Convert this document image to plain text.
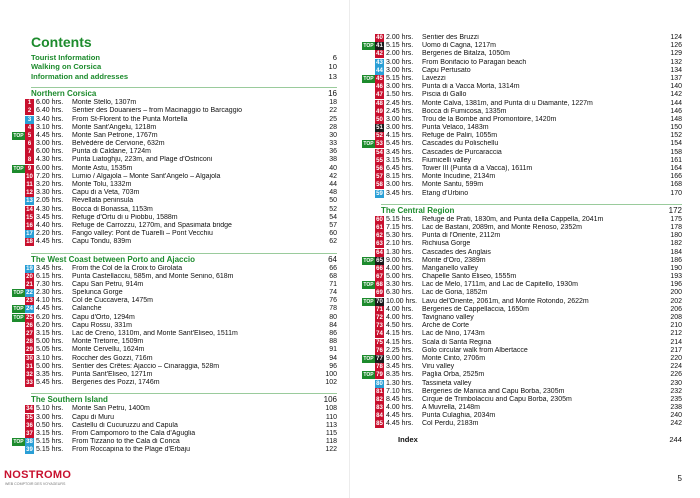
Contents
Tourist Information	6
Walking on Corsica	10
Information and addresses	13
Northern Corsica	16
1 6.00 hrs.	Monte Stello, 1307m	18
2 6.40 hrs.	Sentier des Douaniers – from Macinaggio to Barcaggio	22
3 3.40 hrs.	From St-Florent to the Punta Mortella	25
4 3.10 hrs.	Monte Sant'Angelu, 1218m	28
TOP 5 4.45 hrs.	Monte San Petrone, 1767m	30
6 3.00 hrs.	Belvédère de Cervione, 632m	33
7 6.00 hrs.	Punta di Caldane, 1724m	36
8 4.30 hrs.	Punta Liatoghju, 223m, and Plage d'Ostriconi	38
TOP 9 6.00 hrs.	Monte Astu, 1535m	40
10 7.20 hrs.	Lumio / Algajola – Monte Sant'Angelo – Algajola	42
11 3.20 hrs.	Monte Tolu, 1332m	44
12 3.30 hrs.	Capu di a Veta, 703m	48
13 2.05 hrs.	Revellata peninsula	50
14 4.30 hrs.	Bocca di Bonassa, 1153m	52
15 3.45 hrs.	Refuge d'Ortu di u Piobbu, 1588m	54
16 4.40 hrs.	Refuge de Carrozzu, 1270m, and Spasimata bridge	57
17 2.20 hrs.	Fango valley: Pont de Tuarelli – Pont Vecchiu	60
18 4.45 hrs.	Capu Tondu, 839m	62
The West Coast between Porto and Ajaccio	64
19 3.45 hrs.	From the Col de la Croix to Girolata	66
20 6.15 hrs.	Punta Castellacciu, 585m, and Monte Senino, 618m	68
21 7.30 hrs.	Capu San Petru, 914m	71
TOP 22 2.30 hrs.	Spelunca Gorge	74
23 4.10 hrs.	Col de Cuccavera, 1475m	76
TOP 24 4.45 hrs.	Calanche	78
TOP 25 6.20 hrs.	Capu d'Orto, 1294m	80
26 6.20 hrs.	Capu Rossu, 331m	84
27 3.15 hrs.	Lac de Creno, 1310m, and Monte Sant'Eliseo, 1511m	86
28 5.00 hrs.	Monte Tretorre, 1509m	88
29 5.05 hrs.	Monte Cervellu, 1624m	91
30 3.10 hrs.	Roccher des Gozzi, 716m	94
31 5.00 hrs.	Sentier des Crêtes: Ajaccio – Cinaraggia, 528m	96
32 3.35 hrs.	Punta Sant'Eliseo, 1271m	100
33 5.45 hrs.	Bergeries des Pozzi, 1746m	102
The Southern Island	106
34 5.10 hrs.	Monte San Petru, 1400m	108
35 3.00 hrs.	Capu di Muru	110
36 0.50 hrs.	Castellu di Cucuruzzu and Capula	113
37 3.15 hrs.	From Campomoro to the Cala d'Aguglia	115
TOP 38 5.15 hrs.	From Tizzano to the Cala di Conca	118
39 5.15 hrs.	From Roccapina to the Plage d'Erbaju	122
NOSTROMO
WEB COMPTOIR DES VOYAGEURS
40 2.00 hrs.	Sentier des Bruzzi	124
TOP 41 5.15 hrs.	Uomo di Cagna, 1217m	126
42 2.00 hrs.	Bergeries de Bitalza, 1050m	129
43 3.00 hrs.	From Bonifacio to Paragan beach	132
44 3.00 hrs.	Capu Pertusato	134
TOP 45 5.15 hrs.	Lavezzi	137
46 3.00 hrs.	Punta di a Vacca Morta, 1314m	140
47 1.50 hrs.	Piscia di Gallo	142
48 2.45 hrs.	Monte Calva, 1381m, and Punta di u Diamante, 1227m	144
49 2.45 hrs.	Bocca di Fumicosa, 1335m	146
50 3.00 hrs.	Trou de la Bombe and Promontoire, 1420m	148
51 3.00 hrs.	Punta Velaco, 1483m	150
52 4.15 hrs.	Refuge de Paliri, 1055m	152
TOP 53 5.45 hrs.	Cascades du Polischellu	154
54 3.45 hrs.	Cascades de Purcaraccia	158
55 3.15 hrs.	Fiumicelli valley	161
56 6.45 hrs.	Tower III (Punta di a Vacca), 1611m	164
57 8.15 hrs.	Monte Incudine, 2134m	166
58 3.00 hrs.	Monte Santu, 599m	168
59 3.45 hrs.	Étang d'Urbino	170
The Central Region	172
60 5.15 hrs.	Refuge de Prati, 1830m, and Punta della Cappella, 2041m	175
61 7.15 hrs.	Lac de Bastani, 2089m, and Monte Renoso, 2352m	178
62 5.30 hrs.	Punta di l'Oriente, 2112m	180
63 2.10 hrs.	Richiusa Gorge	182
64 1.30 hrs.	Cascades des Anglais	184
TOP 65 9.00 hrs.	Monte d'Oro, 2389m	186
66 4.00 hrs.	Manganello valley	190
67 5.00 hrs.	Chapelle Santo Eliseo, 1555m	193
TOP 68 3.30 hrs.	Lac de Melo, 1711m, and Lac de Capitello, 1930m	196
69 6.30 hrs.	Lac de Goria, 1852m	200
TOP 70 10.00 hrs. Lavu del'Oriente, 2061m, and Monte Rotondo, 2622m	202
71 4.00 hrs.	Bergeries de Cappellaccia, 1650m	206
72 4.00 hrs.	Tavignano valley	208
73 4.50 hrs.	Arche de Corte	210
74 4.15 hrs.	Lac de Nino, 1743m	212
75 4.15 hrs.	Scala di Santa Regina	214
76 2.25 hrs.	Golo circular walk from Albertacce	217
TOP 77 9.00 hrs.	Monte Cinto, 2706m	220
78 3.45 hrs.	Viru valley	224
TOP 79 8.35 hrs.	Paglia Orba, 2525m	226
80 1.30 hrs.	Tassineta valley	230
81 7.10 hrs.	Bergeries de Manica and Capu Borba, 2305m	232
82 8.45 hrs.	Cirque de Trimbolacciu and Capu Borba, 2305m	235
83 4.00 hrs.	A Muvrella, 2148m	238
84 4.45 hrs.	Punta Culaghia, 2034m	240
85 4.45 hrs.	Col Perdu, 2183m	242
Index	244
5
